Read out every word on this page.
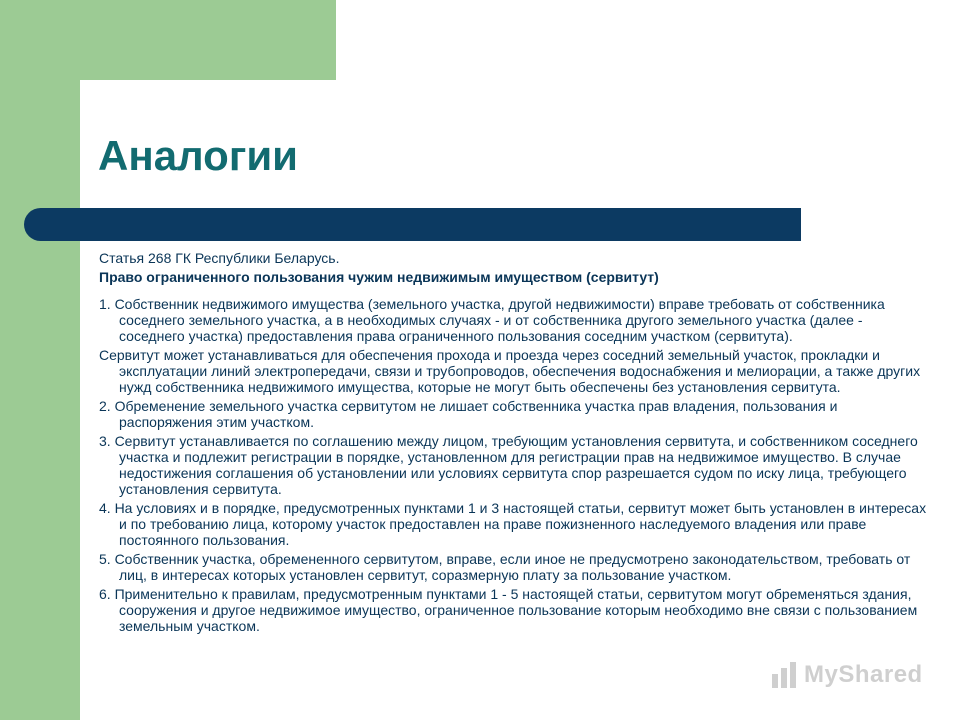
Аналогии
Статья 268 ГК Республики Беларусь.
Право ограниченного пользования чужим недвижимым имуществом (сервитут)
1. Собственник недвижимого имущества (земельного участка, другой недвижимости) вправе требовать от собственника соседнего земельного участка, а в необходимых случаях - и от собственника другого земельного участка (далее - соседнего участка) предоставления права ограниченного пользования соседним участком (сервитута).
Сервитут может устанавливаться для обеспечения прохода и проезда через соседний земельный участок, прокладки и эксплуатации линий электропередачи, связи и трубопроводов, обеспечения водоснабжения и мелиорации, а также других нужд собственника недвижимого имущества, которые не могут быть обеспечены без установления сервитута.
2. Обременение земельного участка сервитутом не лишает собственника участка прав владения, пользования и распоряжения этим участком.
3. Сервитут устанавливается по соглашению между лицом, требующим установления сервитута, и собственником соседнего участка и подлежит регистрации в порядке, установленном для регистрации прав на недвижимое имущество. В случае недостижения соглашения об установлении или условиях сервитута спор разрешается судом по иску лица, требующего установления сервитута.
4. На условиях и в порядке, предусмотренных пунктами 1 и 3 настоящей статьи, сервитут может быть установлен в интересах и по требованию лица, которому участок предоставлен на праве пожизненного наследуемого владения или праве постоянного пользования.
5. Собственник участка, обремененного сервитутом, вправе, если иное не предусмотрено законодательством, требовать от лиц, в интересах которых установлен сервитут, соразмерную плату за пользование участком.
6. Применительно к правилам, предусмотренным пунктами 1 - 5 настоящей статьи, сервитутом могут обременяться здания, сооружения и другое недвижимое имущество, ограниченное пользование которым необходимо вне связи с пользованием земельным участком.
MyShared
